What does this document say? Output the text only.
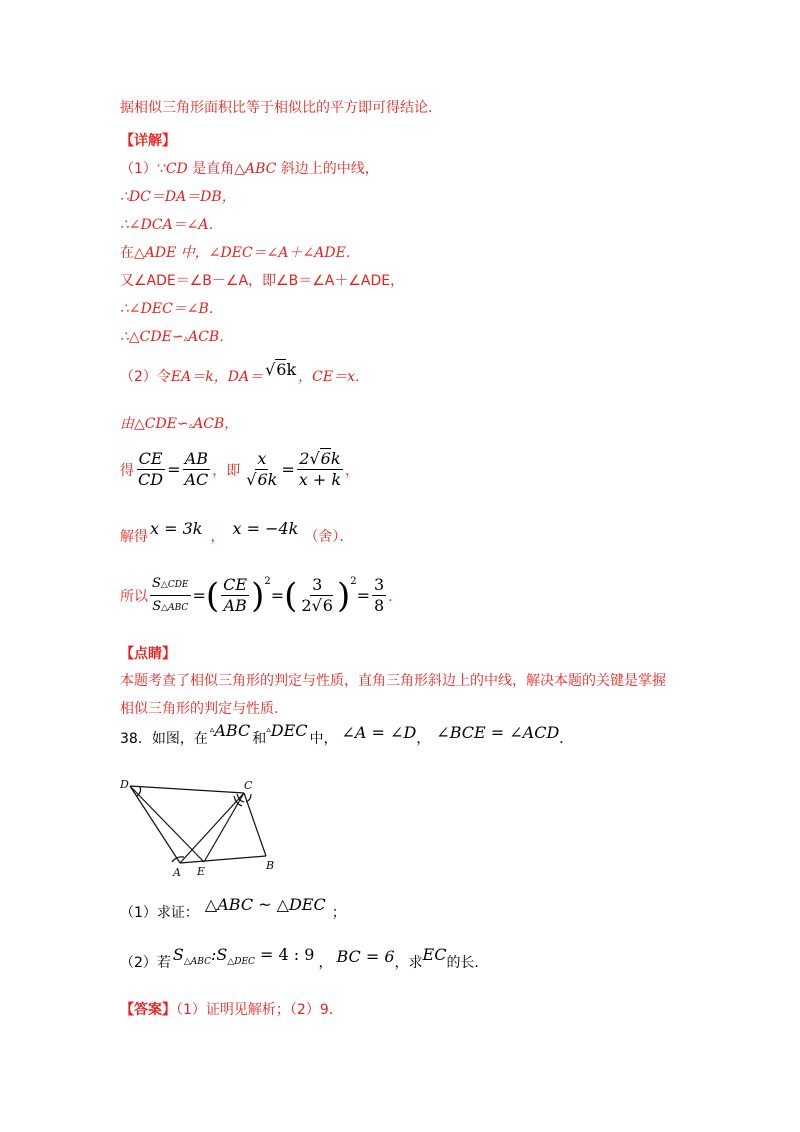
据相似三角形面积比等于相似比的平方即可得结论.
【详解】
（1）∵CD 是直角△ABC 斜边上的中线，
∴DC＝DA＝DB，
∴∠DCA＝∠A．
在△ADE 中，∠DEC＝∠A＋∠ADE．
又∠ADE＝∠B－∠A，即∠B＝∠A＋∠ADE，
∴∠DEC＝∠B．
∴△CDE∽▵ACB．
（2）令 EA＝k，DA＝ √6k ，CE＝x．
由△CDE∽▵ACB，
得 $\frac{CE}{CD} = \frac{AB}{AC}$ ，即 $\frac{x}{√6k} = \frac{2√6k}{x + k}$ ，
解得 x = 3k ， x = −4k （舍）．
所以 $\frac{\text{S△CDE}}{\text{S△ABC}}$ = ( $\frac{CE}{AB}$ ) 2
= ( $\frac{3}{2√6}$ ) 2
= $\frac{3}{8}$ ．
【点睛】
本题考查了相似三角形的判定与性质，直角三角形斜边上的中线，解决本题的关键是掌握
相似三角形的判定与性质．
38．如图，在
▵ ABC 和
▵ DEC 中， ∠A = ∠D ， ∠BCE = ∠ACD ．
D	C
A E	B
（1）求证： △ABC ~ △DEC ；
（2）若 S△ABC:S△DEC = 4 : 9 ， BC = 6 ，求 EC 的长．
【答案】（1）证明见解析；（2）9．
